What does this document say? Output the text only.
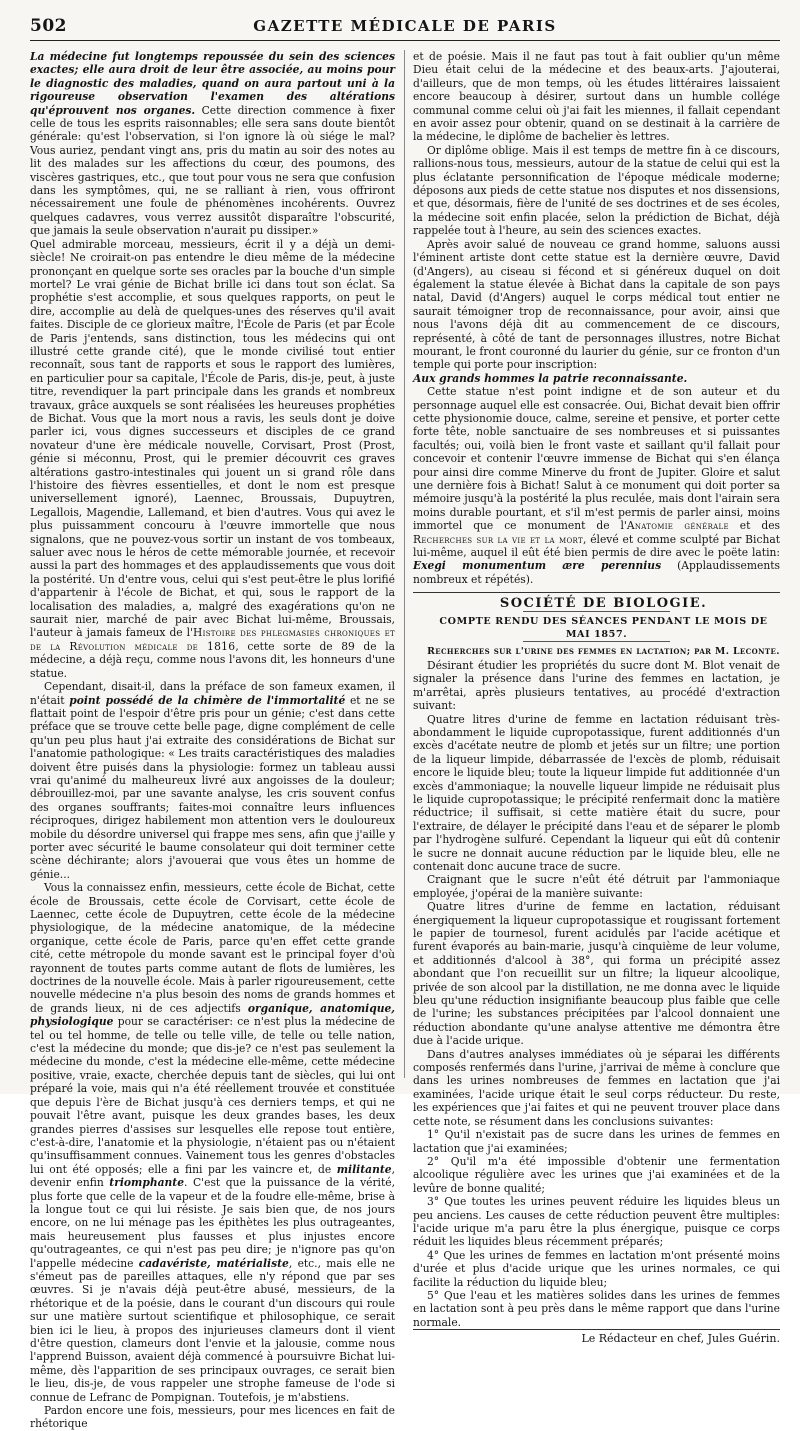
502	GAZETTE MÉDICALE DE PARIS

La médecine fut longtemps repoussée du sein des sciences exactes; elle aura droit de leur être associée, au moins pour le diagnostic des maladies, quand on aura partout uni à la rigoureuse observation l'examen des altérations qu'éprouvent nos organes. Cette direction commence à fixer celle de tous les esprits raisonnables; elle sera sans doute bientôt générale: qu'est l'observation, si l'on ignore là où siége le mal? Vous auriez, pendant vingt ans, pris du matin au soir des notes au lit des malades sur les affections du cœur, des poumons, des viscères gastriques, etc., que tout pour vous ne sera que confusion dans les symptômes, qui, ne se ralliant à rien, vous offriront nécessairement une foule de phénomènes incohérents. Ouvrez quelques cadavres, vous verrez aussitôt disparaître l'obscurité, que jamais la seule observation n'aurait pu dissiper.»

Quel admirable morceau, messieurs, écrit il y a déjà un demi-siècle! Ne croirait-on pas entendre le dieu même de la médecine prononçant en quelque sorte ses oracles par la bouche d'un simple mortel? Le vrai génie de Bichat brille ici dans tout son éclat. Sa prophétie s'est accomplie, et sous quelques rapports, on peut le dire, accomplie au delà de quelques-unes des réserves qu'il avait faites. Disciple de ce glorieux maître, l'École de Paris (et par École de Paris j'entends, sans distinction, tous les médecins qui ont illustré cette grande cité), que le monde civilisé tout entier reconnaît, sous tant de rapports et sous le rapport des lumières, en particulier pour sa capitale, l'École de Paris, dis-je, peut, à juste titre, revendiquer la part principale dans les grands et nombreux travaux, grâce auxquels se sont réalisées les heureuses prophéties de Bichat. Vous que la mort nous a ravis, les seuls dont je doive parler ici, vous dignes successeurs et disciples de ce grand novateur d'une ère médicale nouvelle, Corvisart, Prost (Prost, génie si méconnu, Prost, qui le premier découvrit ces graves altérations gastro-intestinales qui jouent un si grand rôle dans l'histoire des fièvres essentielles, et dont le nom est presque universellement ignoré), Laennec, Broussais, Dupuytren, Legallois, Magendie, Lallemand, et bien d'autres. Vous qui avez le plus puissamment concouru à l'œuvre immortelle que nous signalons, que ne pouvez-vous sortir un instant de vos tombeaux, saluer avec nous le héros de cette mémorable journée, et recevoir aussi la part des hommages et des applaudissements que vous doit la postérité. Un d'entre vous, celui qui s'est peut-être le plus lorifié d'appartenir à l'école de Bichat, et qui, sous le rapport de la localisation des maladies, a, malgré des exagérations qu'on ne saurait nier, marché de pair avec Bichat lui-même, Broussais, l'auteur à jamais fameux de l'

Histoire des phlegmasies chroniques et de la Révolution médicale de 1816, cette sorte de 89 de la médecine, a déjà reçu, comme nous l'avons dit, les honneurs d'une statue.

Cependant, disait-il, dans la préface de son fameux examen, il n'était point possédé de la chimère de l'immortalité et ne se flattait point de l'espoir d'être pris pour un génie; c'est dans cette préface que se trouve cette belle page, digne complément de celle qu'un peu plus haut j'ai extraite des considérations de Bichat sur l'anatomie pathologique: « Les traits caractéristiques des maladies doivent être puisés dans la physiologie: formez un tableau aussi vrai qu'animé du malheureux livré aux angoisses de la douleur; débrouillez-moi, par une savante analyse, les cris souvent confus des organes souffrants; faites-moi connaître leurs influences réciproques, dirigez habilement mon attention vers le douloureux mobile du désordre universel qui frappe mes sens, afin que j'aille y porter avec sécurité le baume consolateur qui doit terminer cette scène déchirante; alors j'avouerai que vous êtes un homme de génie...

Vous la connaissez enfin, messieurs, cette école de Bichat, cette école de Broussais, cette école de Corvisart, cette école de Laennec, cette école de Dupuytren, cette école de la médecine physiologique, de la médecine anatomique, de la médecine organique, cette école de Paris, parce qu'en effet cette grande cité, cette métropole du monde savant est le principal foyer d'où rayonnent de toutes parts comme autant de flots de lumières, les doctrines de la nouvelle école. Mais à parler rigoureusement, cette nouvelle médecine n'a plus besoin des noms de grands hommes et de grands lieux, ni de ces adjectifs organique, anatomique, physiologique pour se caractériser: ce n'est plus la médecine de tel ou tel homme, de telle ou telle ville, de telle ou telle nation, c'est la médecine du monde; que dis-je? ce n'est pas seulement la médecine du monde, c'est la médecine elle-même, cette médecine positive, vraie, exacte, cherchée depuis tant de siècles, qui lui ont préparé la voie, mais qui n'a été réellement trouvée et constituée que depuis l'ère de Bichat jusqu'à ces derniers temps, et qui ne pouvait l'être avant, puisque les deux grandes bases, les deux grandes pierres d'assises sur lesquelles elle repose tout entière, c'est-à-dire, l'anatomie et la physiologie, n'étaient pas ou n'étaient qu'insuffisamment connues. Vainement tous les genres d'obstacles lui ont été opposés; elle a fini par les vaincre et, de militante, devenir enfin triomphante. C'est que la puissance de la vérité, plus forte que celle de la vapeur et de la foudre elle-même, brise à la longue tout ce qui lui résiste. Je sais bien que, de nos jours encore, on ne lui ménage pas les épithètes les plus outrageantes, mais heureusement plus fausses et plus injustes encore qu'outrageantes, ce qui n'est pas peu dire; je n'ignore pas qu'on l'appelle médecine cadavériste, matérialiste, etc., mais elle ne s'émeut pas de pareilles attaques, elle n'y répond que par ses œuvres. Si je n'avais déjà peut-être abusé, messieurs, de la rhétorique et de la poésie, dans le courant d'un discours qui roule sur une matière surtout scientifique et philosophique, ce serait bien ici le lieu, à propos des injurieuses clameurs dont il vient d'être question, clameurs dont l'envie et la jalousie, comme nous l'apprend Buisson, avaient déjà commencé à poursuivre Bichat lui-même, dès l'apparition de ses principaux ouvrages, ce serait bien le lieu, dis-je, de vous rappeler une strophe fameuse de l'ode si connue de Lefranc de Pompignan. Toutefois, je m'abstiens.

Pardon encore une fois, messieurs, pour mes licences en fait de rhétorique

et de poésie. Mais il ne faut pas tout à fait oublier qu'un même Dieu était celui de la médecine et des beaux-arts. J'ajouterai, d'ailleurs, que de mon temps, où les études littéraires laissaient encore beaucoup à désirer, surtout dans un humble collége communal comme celui où j'ai fait les miennes, il fallait cependant en avoir assez pour obtenir, quand on se destinait à la carrière de la médecine, le diplôme de bachelier ès lettres.

Or diplôme oblige. Mais il est temps de mettre fin à ce discours, rallions-nous tous, messieurs, autour de la statue de celui qui est la plus éclatante personnification de l'époque médicale moderne; déposons aux pieds de cette statue nos disputes et nos dissensions, et que, désormais, fière de l'unité de ses doctrines et de ses écoles, la médecine soit enfin placée, selon la prédiction de Bichat, déjà rappelée tout à l'heure, au sein des sciences exactes.

Après avoir salué de nouveau ce grand homme, saluons aussi l'éminent artiste dont cette statue est la dernière œuvre, David (d'Angers), au ciseau si fécond et si généreux duquel on doit également la statue élevée à Bichat dans la capitale de son pays natal, David (d'Angers) auquel le corps médical tout entier ne saurait témoigner trop de reconnaissance, pour avoir, ainsi que nous l'avons déjà dit au commencement de ce discours, représenté, à côté de tant de personnages illustres, notre Bichat mourant, le front couronné du laurier du génie, sur ce fronton d'un temple qui porte pour inscription:
Aux grands hommes la patrie reconnaissante.

Cette statue n'est point indigne et de son auteur et du personnage auquel elle est consacrée. Oui, Bichat devait bien offrir cette physionomie douce, calme, sereine et pensive, et porter cette forte tête, noble sanctuaire de ses nombreuses et si puissantes facultés; oui, voilà bien le front vaste et saillant qu'il fallait pour concevoir et contenir l'œuvre immense de Bichat qui s'en élança pour ainsi dire comme Minerve du front de Jupiter. Gloire et salut une dernière fois à Bichat! Salut à ce monument qui doit porter sa mémoire jusqu'à la postérité la plus reculée, mais dont l'airain sera moins durable pourtant, et s'il m'est permis de parler ainsi, moins immortel que ce monument de l'Anatomie générale et des Recherches sur la vie et la mort, élevé et comme sculpté par Bichat lui-même, auquel il eût été bien permis de dire avec le poëte latin: Exegi monumentum ære perennius (Applaudissements nombreux et répétés).

SOCIÉTÉ DE BIOLOGIE.

COMPTE RENDU DES SÉANCES PENDANT LE MOIS DE MAI 1857.

Recherches sur l'urine des femmes en lactation; par M. Leconte.

Désirant étudier les propriétés du sucre dont M. Blot venait de signaler la présence dans l'urine des femmes en lactation, je m'arrêtai, après plusieurs tentatives, au procédé d'extraction suivant:

Quatre litres d'urine de femme en lactation réduisant très-abondamment le liquide cupropotassique, furent additionnés d'un excès d'acétate neutre de plomb et jetés sur un filtre; une portion de la liqueur limpide, débarrassée de l'excès de plomb, réduisait encore le liquide bleu; toute la liqueur limpide fut additionnée d'un excès d'ammoniaque; la nouvelle liqueur limpide ne réduisait plus le liquide cupropotassique; le précipité renfermait donc la matière réductrice; il suffisait, si cette matière était du sucre, pour l'extraire, de délayer le précipité dans l'eau et de séparer le plomb par l'hydrogène sulfuré. Cependant la liqueur qui eût dû contenir le sucre ne donnait aucune réduction par le liquide bleu, elle ne contenait donc aucune trace de sucre.

Craignant que le sucre n'eût été détruit par l'ammoniaque employée, j'opérai de la manière suivante:

Quatre litres d'urine de femme en lactation, réduisant énergiquement la liqueur cupropotassique et rougissant fortement le papier de tournesol, furent acidulés par l'acide acétique et furent évaporés au bain-marie, jusqu'à cinquième de leur volume, et additionnés d'alcool à 38°, qui forma un précipité assez abondant que l'on recueillit sur un filtre; la liqueur alcoolique, privée de son alcool par la distillation, ne me donna avec le liquide bleu qu'une réduction insignifiante beaucoup plus faible que celle de l'urine; les substances précipitées par l'alcool donnaient une réduction abondante qu'une analyse attentive me démontra être due à l'acide urique.

Dans d'autres analyses immédiates où je séparai les différents composés renfermés dans l'urine, j'arrivai de même à conclure que dans les urines nombreuses de femmes en lactation que j'ai examinées, l'acide urique était le seul corps réducteur. Du reste, les expériences que j'ai faites et qui ne peuvent trouver place dans cette note, se résument dans les conclusions suivantes:

1° Qu'il n'existait pas de sucre dans les urines de femmes en lactation que j'ai examinées;

2° Qu'il m'a été impossible d'obtenir une fermentation alcoolique régulière avec les urines que j'ai examinées et de la levûre de bonne qualité;

3° Que toutes les urines peuvent réduire les liquides bleus un peu anciens. Les causes de cette réduction peuvent être multiples: l'acide urique m'a paru être la plus énergique, puisque ce corps réduit les liquides bleus récemment préparés;

4° Que les urines de femmes en lactation m'ont présenté moins d'urée et plus d'acide urique que les urines normales, ce qui facilite la réduction du liquide bleu;

5° Que l'eau et les matières solides dans les urines de femmes en lactation sont à peu près dans le même rapport que dans l'urine normale.

Le Rédacteur en chef, Jules Guérin.
